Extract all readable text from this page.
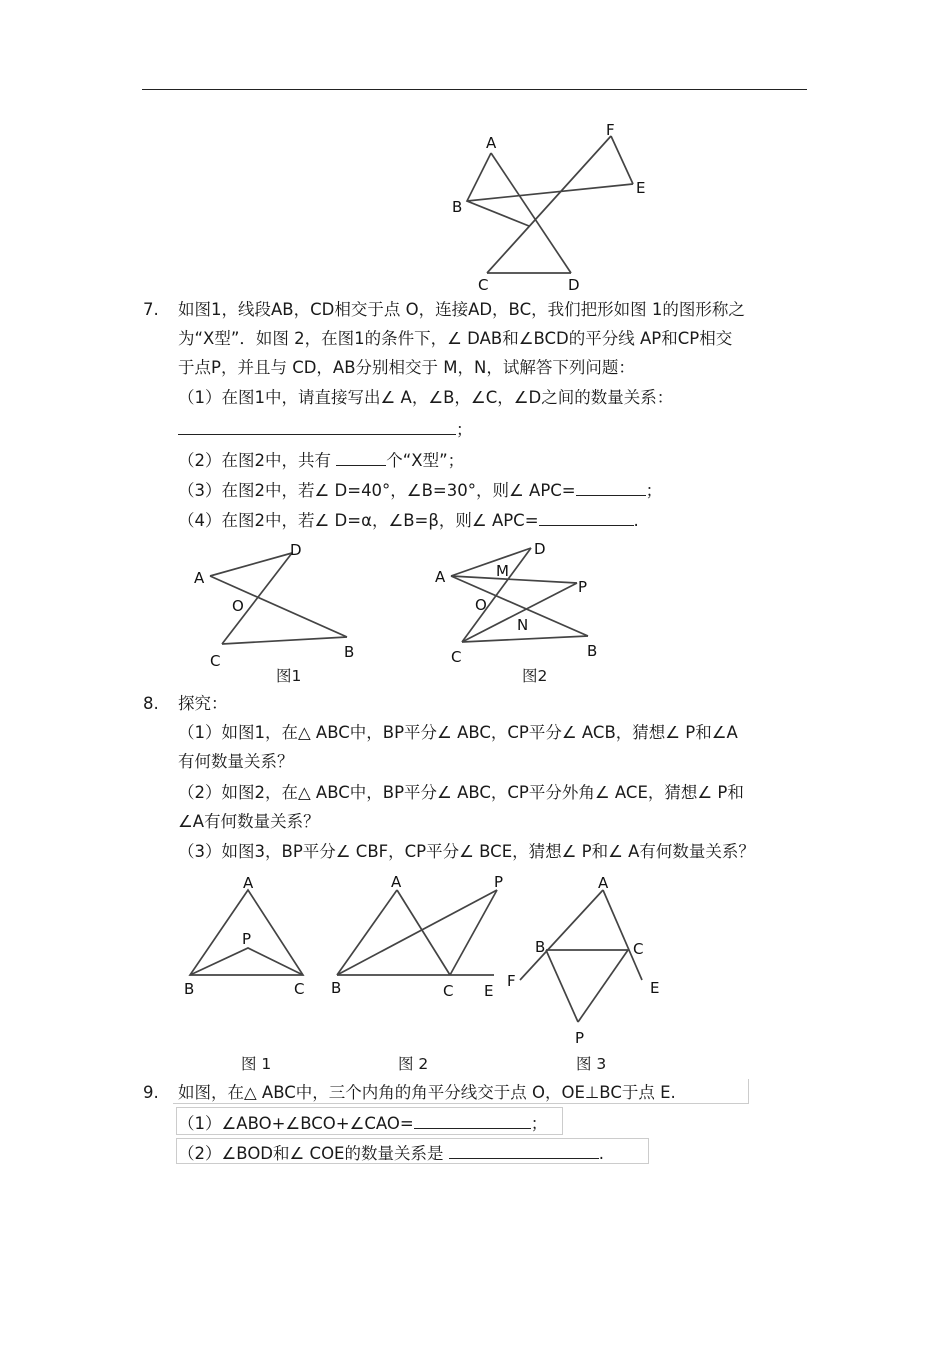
A
B
C	D
E
F
7. 如图1，线段AB，CD相交于点 O，连接AD，BC，我们把形如图 1的图形称之
为“X型”．如图 2，在图1的条件下，∠ DAB和∠BCD的平分线 AP和CP相交
于点P，并且与 CD，AB分别相交于 M，N，试解答下列问题：
（1）在图1中，请直接写出∠ A，∠B，∠C，∠D之间的数量关系：
；
（2）在图2中，共有	个“X型”；
（3）在图2中，若∠ D=40°，∠B=30°，则∠ APC=	；
（4）在图2中，若∠ D=α，∠B=β，则∠ APC=	.
A
D
O
C	B
图1
A
D
M
P
O
N
C	B
图2
8. 探究：
（1）如图1，在△ ABC中，BP平分∠ ABC，CP平分∠ ACB，猜想∠ P和∠A
有何数量关系？
（2）如图2，在△ ABC中，BP平分∠ ABC，CP平分外角∠ ACE，猜想∠ P和
∠A有何数量关系？
（3）如图3，BP平分∠ CBF，CP平分∠ BCE，猜想∠ P和∠ A有何数量关系？
A
P
B	C
图 1
A	P
B	C E
图 2
A
B	C
F	E
P
图 3
9. 如图，在△ ABC中，三个内角的角平分线交于点 O，OE⊥BC于点 E.
（1）∠ABO+∠BCO+∠CAO=	；
（2）∠BOD和∠ COE的数量关系是	.
